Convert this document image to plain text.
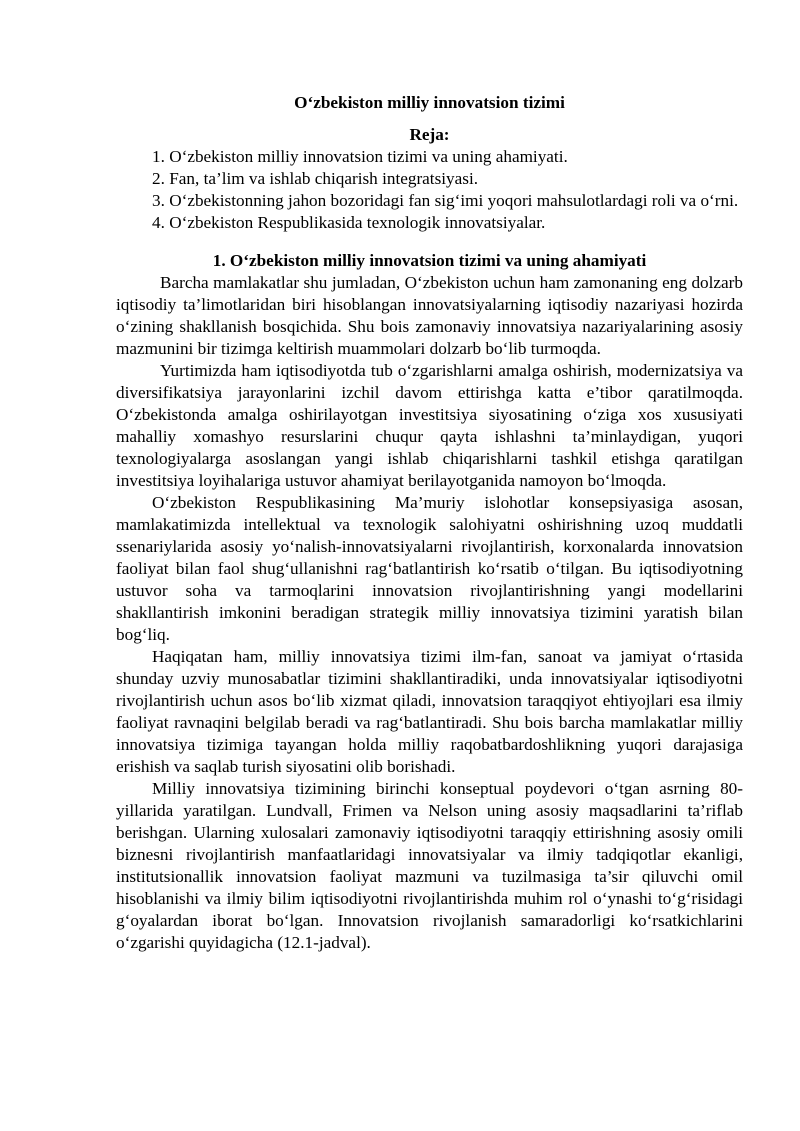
O‘zbekiston milliy innovatsion tizimi
Reja:
1. O‘zbekiston milliy innovatsion tizimi va uning ahamiyati.
2. Fan, ta’lim va ishlab chiqarish integratsiyasi.
3. O‘zbekistonning jahon bozoridagi fan sig‘imi yoqori mahsulotlardagi roli va o‘rni.
4. O‘zbekiston Respublikasida texnologik innovatsiyalar.
1. O‘zbekiston milliy innovatsion tizimi va uning ahamiyati

Barcha mamlakatlar shu jumladan, O‘zbekiston uchun ham zamonaning eng dolzarb iqtisodiy ta’limotlaridan biri hisoblangan innovatsiyalarning iqtisodiy nazariyasi hozirda o‘zining shakllanish bosqichida. Shu bois zamonaviy innovatsiya nazariyalarining asosiy mazmunini bir tizimga keltirish muammolari dolzarb bo‘lib turmoqda.

Yurtimizda ham iqtisodiyotda tub o‘zgarishlarni amalga oshirish, modernizatsiya va diversifikatsiya jarayonlarini izchil davom ettirishga katta e’tibor qaratilmoqda. O‘zbekistonda amalga oshirilayotgan investitsiya siyosatining o‘ziga xos xususiyati mahalliy xomashyo resurslarini chuqur qayta ishlashni ta’minlaydigan, yuqori texnologiyalarga asoslangan yangi ishlab chiqarishlarni tashkil etishga qaratilgan investitsiya loyihalariga ustuvor ahamiyat berilayotganida namoyon bo‘lmoqda.

O‘zbekiston Respublikasining Ma’muriy islohotlar konsepsiyasiga asosan, mamlakatimizda intellektual va texnologik salohiyatni oshirishning uzoq muddatli ssenariylarida asosiy yo‘nalish-innovatsiyalarni rivojlantirish, korxonalarda innovatsion faoliyat bilan faol shug‘ullanishni rag‘batlantirish ko‘rsatib o‘tilgan. Bu iqtisodiyotning ustuvor soha va tarmoqlarini innovatsion rivojlantirishning yangi modellarini shakllantirish imkonini beradigan strategik milliy innovatsiya tizimini yaratish bilan bog‘liq.

Haqiqatan ham, milliy innovatsiya tizimi ilm-fan, sanoat va jamiyat o‘rtasida shunday uzviy munosabatlar tizimini shakllantiradiki, unda innovatsiyalar iqtisodiyotni rivojlantirish uchun asos bo‘lib xizmat qiladi, innovatsion taraqqiyot ehtiyojlari esa ilmiy faoliyat ravnaqini belgilab beradi va rag‘batlantiradi. Shu bois barcha mamlakatlar milliy innovatsiya tizimiga tayangan holda milliy raqobatbardoshlikning yuqori darajasiga erishish va saqlab turish siyosatini olib borishadi.

Milliy innovatsiya tizimining birinchi konseptual poydevori o‘tgan asrning 80-yillarida yaratilgan. Lundvall, Frimen va Nelson uning asosiy maqsadlarini ta’riflab berishgan. Ularning xulosalari zamonaviy iqtisodiyotni taraqqiy ettirishning asosiy omili biznesni rivojlantirish manfaatlaridagi innovatsiyalar va ilmiy tadqiqotlar ekanligi, institutsionallik innovatsion faoliyat mazmuni va tuzilmasiga ta’sir qiluvchi omil hisoblanishi va ilmiy bilim iqtisodiyotni rivojlantirishda muhim rol o‘ynashi to‘g‘risidagi g‘oyalardan iborat bo‘lgan. Innovatsion rivojlanish samaradorligi ko‘rsatkichlarini o‘zgarishi quyidagicha (12.1-jadval).
